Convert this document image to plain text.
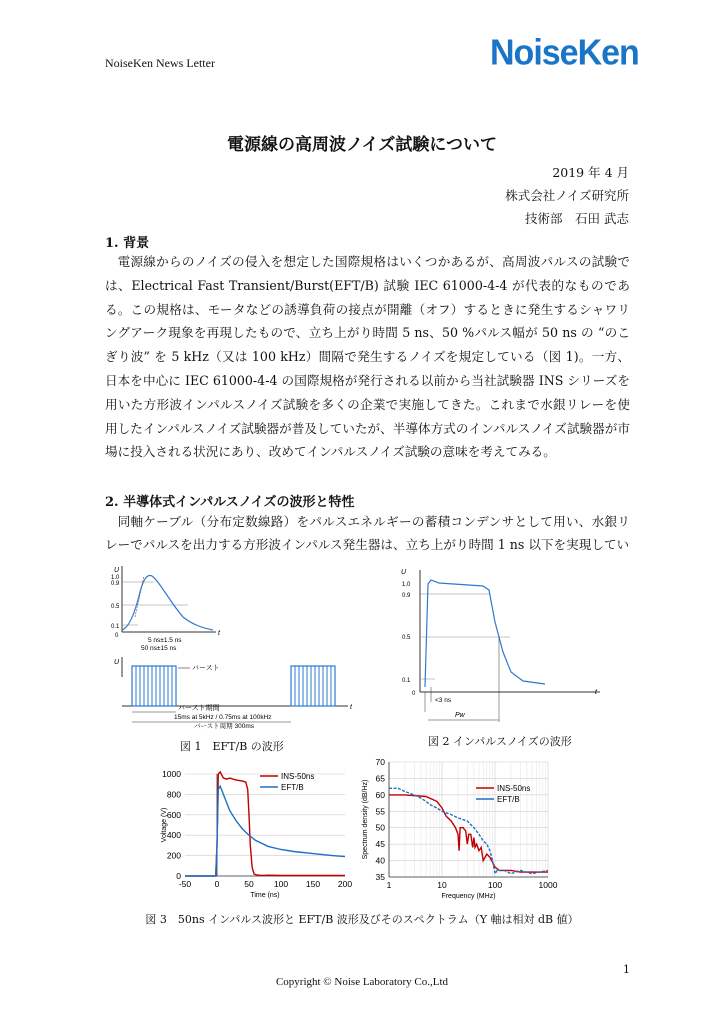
NoiseKen News Letter	NoiseKen
電源線の高周波ノイズ試験について
2019 年 4 月
株式会社ノイズ研究所
技術部　石田 武志
1. 背景

電源線からのノイズの侵入を想定した国際規格はいくつかあるが、高周波パルスの試験では、Electrical Fast Transient/Burst(EFT/B) 試験 IEC 61000-4-4 が代表的なものである。この規格は、モータなどの誘導負荷の接点が開離（オフ）するときに発生するシャワリングアーク現象を再現したもので、立ち上がり時間 5 ns、50 %パルス幅が 50 ns の “のこぎり波” を 5 kHz（又は 100 kHz）間隔で発生するノイズを規定している（図 1)。一方、日本を中心に IEC 61000-4-4 の国際規格が発行される以前から当社試験器 INS シリーズを用いた方形波インパルスノイズ試験を多くの企業で実施してきた。これまで水銀リレーを使用したインパルスノイズ試験器が普及していたが、半導体方式のインパルスノイズ試験器が市場に投入される状況にあり、改めてインパルスノイズ試験の意味を考えてみる。

2. 半導体式インパルスノイズの波形と特性

同軸ケーブル（分布定数線路）をパルスエネルギーの蓄積コンデンサとして用い、水銀リレーでパルスを出力する方形波インパルス発生器は、立ち上がり時間 1 ns 以下を実現してい

U
t
1.0
0.9
0.5
0.1
0
5 ns±1.5 ns
50 ns±15 ns
U
t
バースト
バースト期間
15ms at 5kHz / 0.75ms at 100kHz
バースト周期 300ms
図 1　EFT/B の波形
U
t
1.0
0.9
0.5
0.1
0
<3 ns
Pw
図 2 インパルスノイズの波形
0
200
400
600
800
1000
-50	0	50 100 150 200
Time (ns)
Voltage (V)
INS-50ns
EFT/B
35
40
45
50
55
60
65
70
1	10	100	1000
Frequency (MHz)
Spectrum density (dB/Hz)	INS-50ns
EFT/B
図 3　50ns インパルス波形と EFT/B 波形及びそのスペクトラム（Y 軸は相対 dB 値）
1
Copyright © Noise Laboratory Co.,Ltd
